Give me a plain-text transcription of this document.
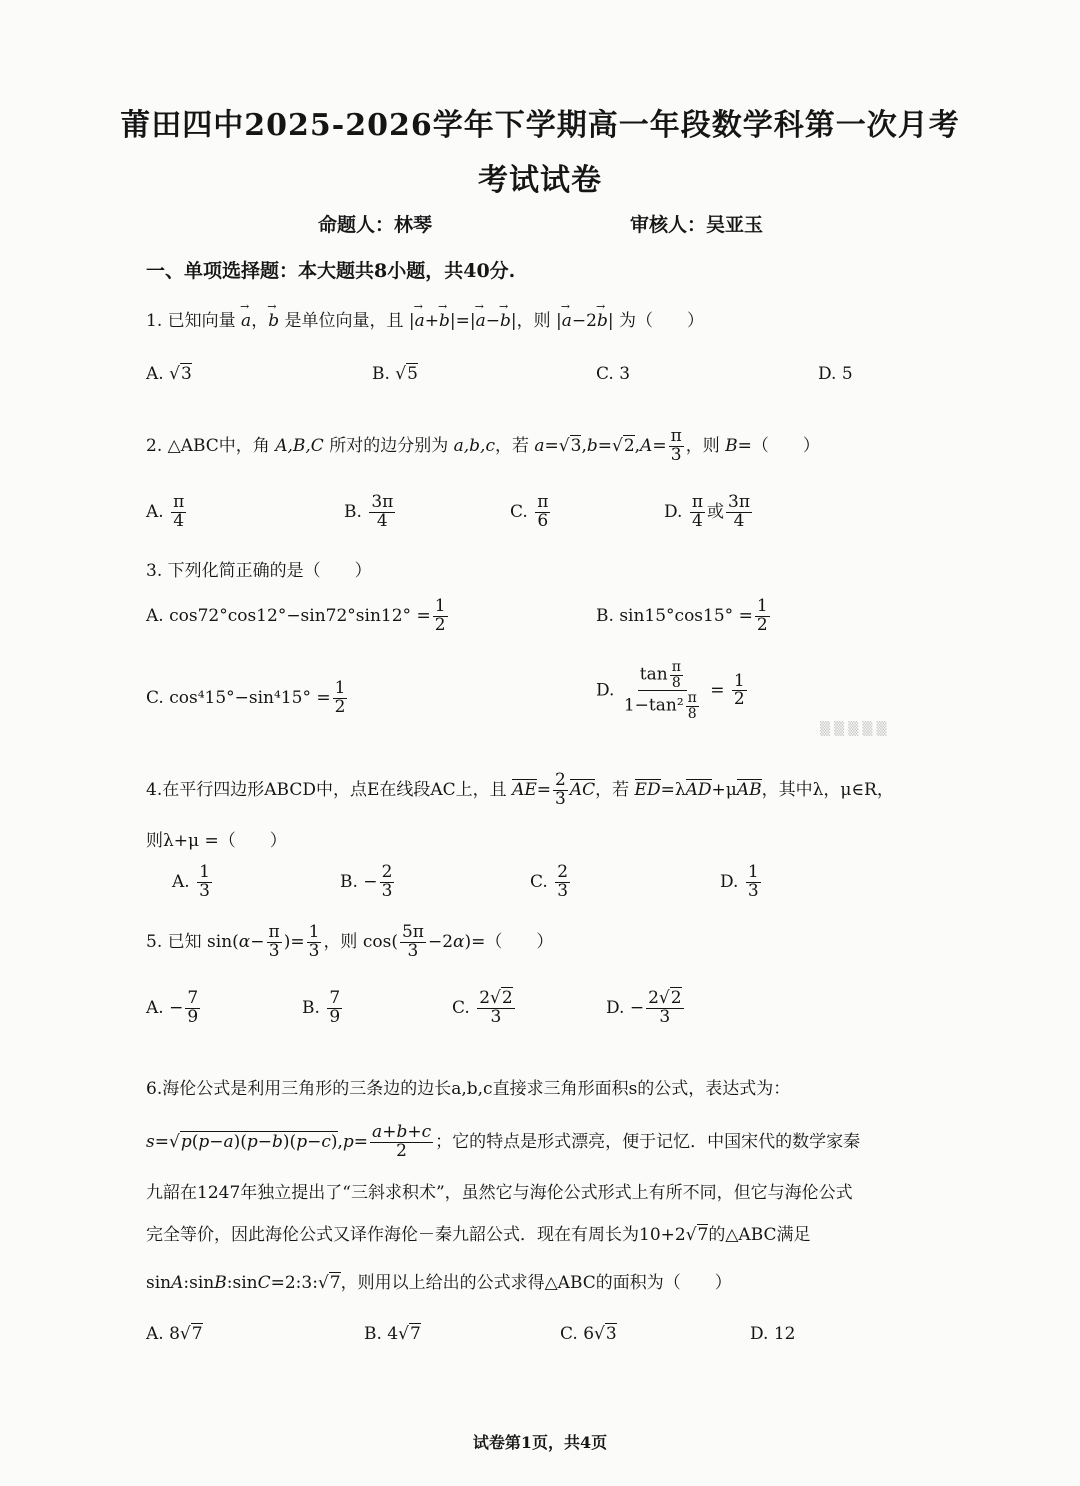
莆田四中2025-2026学年下学期高一年段数学科第一次月考
考试试卷
命题人：林琴	审核人：吴亚玉
一、单项选择题：本大题共8小题，共40分.
1. 已知向量 → a，→ b 是单位向量，且 |→ a+→ b|=|→ a−→ b|，则 |→ a−2→ b| 为（　　）
A. √3	B. √5	C. 3	D. 5
2. △ABC中，角 A,B,C 所对的边分别为 a,b,c，若 $a=√3,b=√2,A= \frac{\pi}{3}$ ，则 B=（　　）
A. $\frac{\pi}{4}$	B. $\frac{3\pi}{4}$	C. $\frac{\pi}{6}$	D. $\frac{\pi}{4}$ 或 $\frac{3\pi}{4}$
3. 下列化简正确的是（　　）
A. $\cos 72^\circ\cos 12^\circ-\sin 72^\circ\sin 12^\circ = \frac{1}{2}$	B. $\sin 15^\circ\cos 15^\circ = \frac{1}{2}$
C. $\cos^415^\circ-\sin^415^\circ = \frac{1}{2}$	D. $\frac{\tan \frac{\pi}{8}}{1-\tan^2 \frac{\pi}{8}} = \frac{1}{2}$
▒ ▒ ▒ ▒ ▒
4.在平行四边形ABCD中，点E在线段AC上，且 $AE= \frac{2}{3}$ AC，若 ED=λAD+μAB，其中λ，μ∈R，
则λ+μ =（　　）
A. $\frac{1}{3}$	B. − $\frac{2}{3}$	C. $\frac{2}{3}$	D. $\frac{1}{3}$
5. 已知 $\sin(\alpha- \frac{\pi}{3}$ )= $\frac{1}{3}$ ，则 $\cos( \frac{5\pi}{3} -2\alpha)=$（　　）
A. − $\frac{7}{9}$	B. $\frac{7}{9}$	C. $\frac{2√2}{3}$	D. − $\frac{2√2}{3}$
6.海伦公式是利用三角形的三条边的边长a,b,c直接求三角形面积s的公式，表达式为：
$s=√p(p-a)(p-b)(p-c),p= \frac{a+b+c}{2}$ ；它的特点是形式漂亮，便于记忆．中国宋代的数学家秦
九韶在1247年独立提出了“三斜求积术”，虽然它与海伦公式形式上有所不同，但它与海伦公式
完全等价，因此海伦公式又译作海伦－秦九韶公式．现在有周长为10+2√7的△ABC满足
sinA:sinB:sinC=2:3:√7，则用以上给出的公式求得△ABC的面积为（　　）
A. 8√7	B. 4√7	C. 6√3	D. 12
试卷第1页，共4页
